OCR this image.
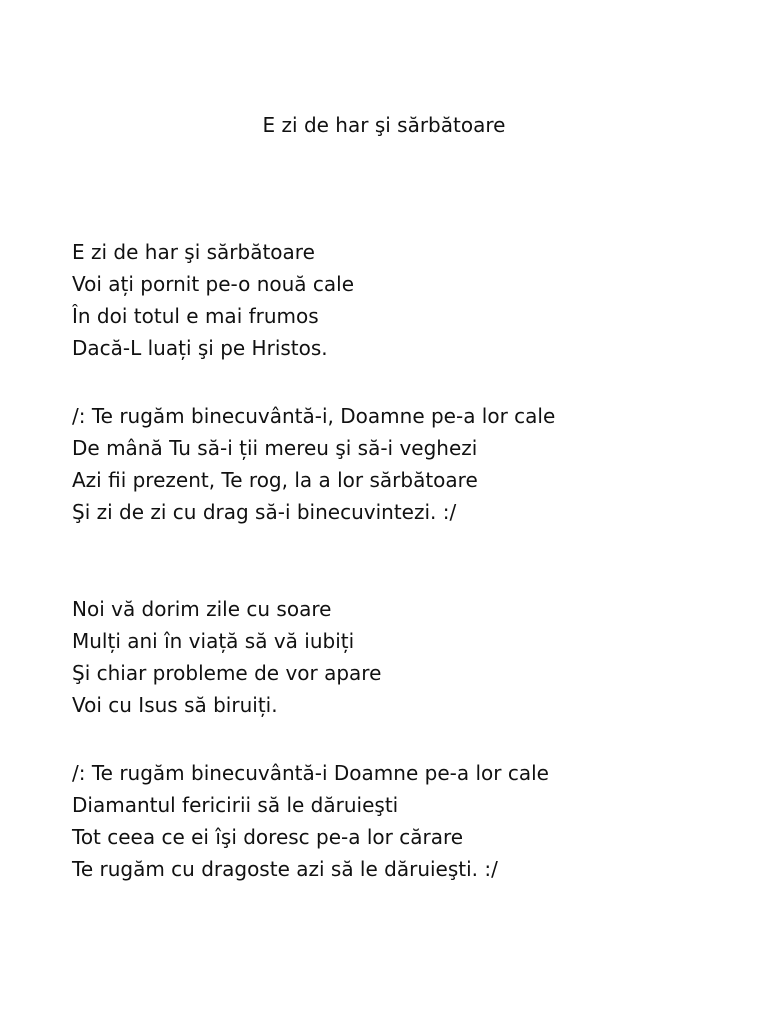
E zi de har şi sărbătoare
E zi de har şi sărbătoare
Voi ați pornit pe-o nouă cale
În doi totul e mai frumos
Dacă-L luați şi pe Hristos.
/: Te rugăm binecuvântă-i, Doamne pe-a lor cale
De mână Tu să-i ții mereu şi să-i veghezi
Azi fii prezent, Te rog, la a lor sărbătoare
Şi zi de zi cu drag să-i binecuvintezi. :/
Noi vă dorim zile cu soare
Mulți ani în viață să vă iubiți
Şi chiar probleme de vor apare
Voi cu Isus să biruiți.
/: Te rugăm binecuvântă-i Doamne pe-a lor cale
Diamantul fericirii să le dăruieşti
Tot ceea ce ei îşi doresc pe-a lor cărare
Te rugăm cu dragoste azi să le dăruieşti. :/
